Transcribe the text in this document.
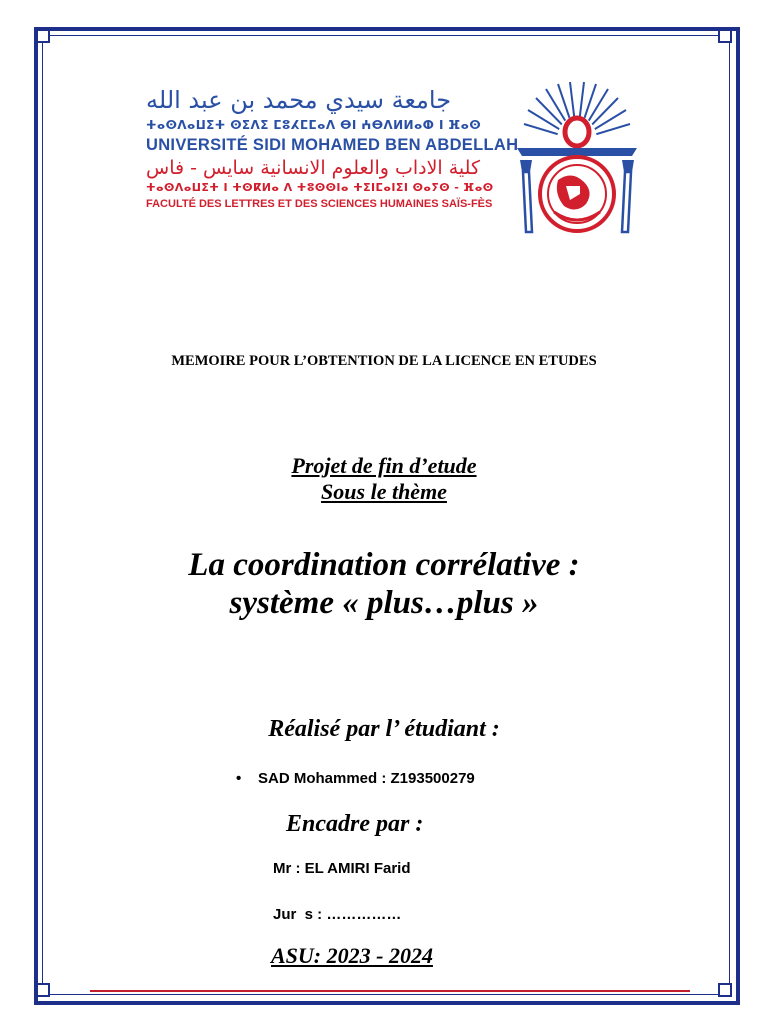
جامعة سيدي محمد بن عبد الله
ⵜⴰⵙⴷⴰⵡⵉⵜ ⵙⵉⴷⵉ ⵎⵓⵃⵎⵎⴰⴷ ⴱⵏ ⵄⴱⴷⵍⵍⴰⵀ ⵏ ⴼⴰⵙ
UNIVERSITÉ SIDI MOHAMED BEN ABDELLAH
كلية الاداب والعلوم الانسانية سايس - فاس
ⵜⴰⵙⴷⴰⵡⵉⵜ ⵏ ⵜⵙⴽⵍⴰ ⴷ ⵜⵓⵙⵙⵏⴰ ⵜⵉⵏⵎⴰⵏⵉⵏ ⵙⴰⵢⵙ - ⴼⴰⵙ
FACULTÉ DES LETTRES ET DES SCIENCES HUMAINES SAÏS-FÈS
MEMOIRE POUR L’OBTENTION DE LA LICENCE EN ETUDES
Projet de fin d’etude
Sous le thème
La coordination corrélative :
système « plus…plus »
Réalisé par l’ étudiant :
• SAD Mohammed : Z193500279
Encadre par :
Mr : EL AMIRI Farid
Jur  s : ……………
ASU: 2023 - 2024
